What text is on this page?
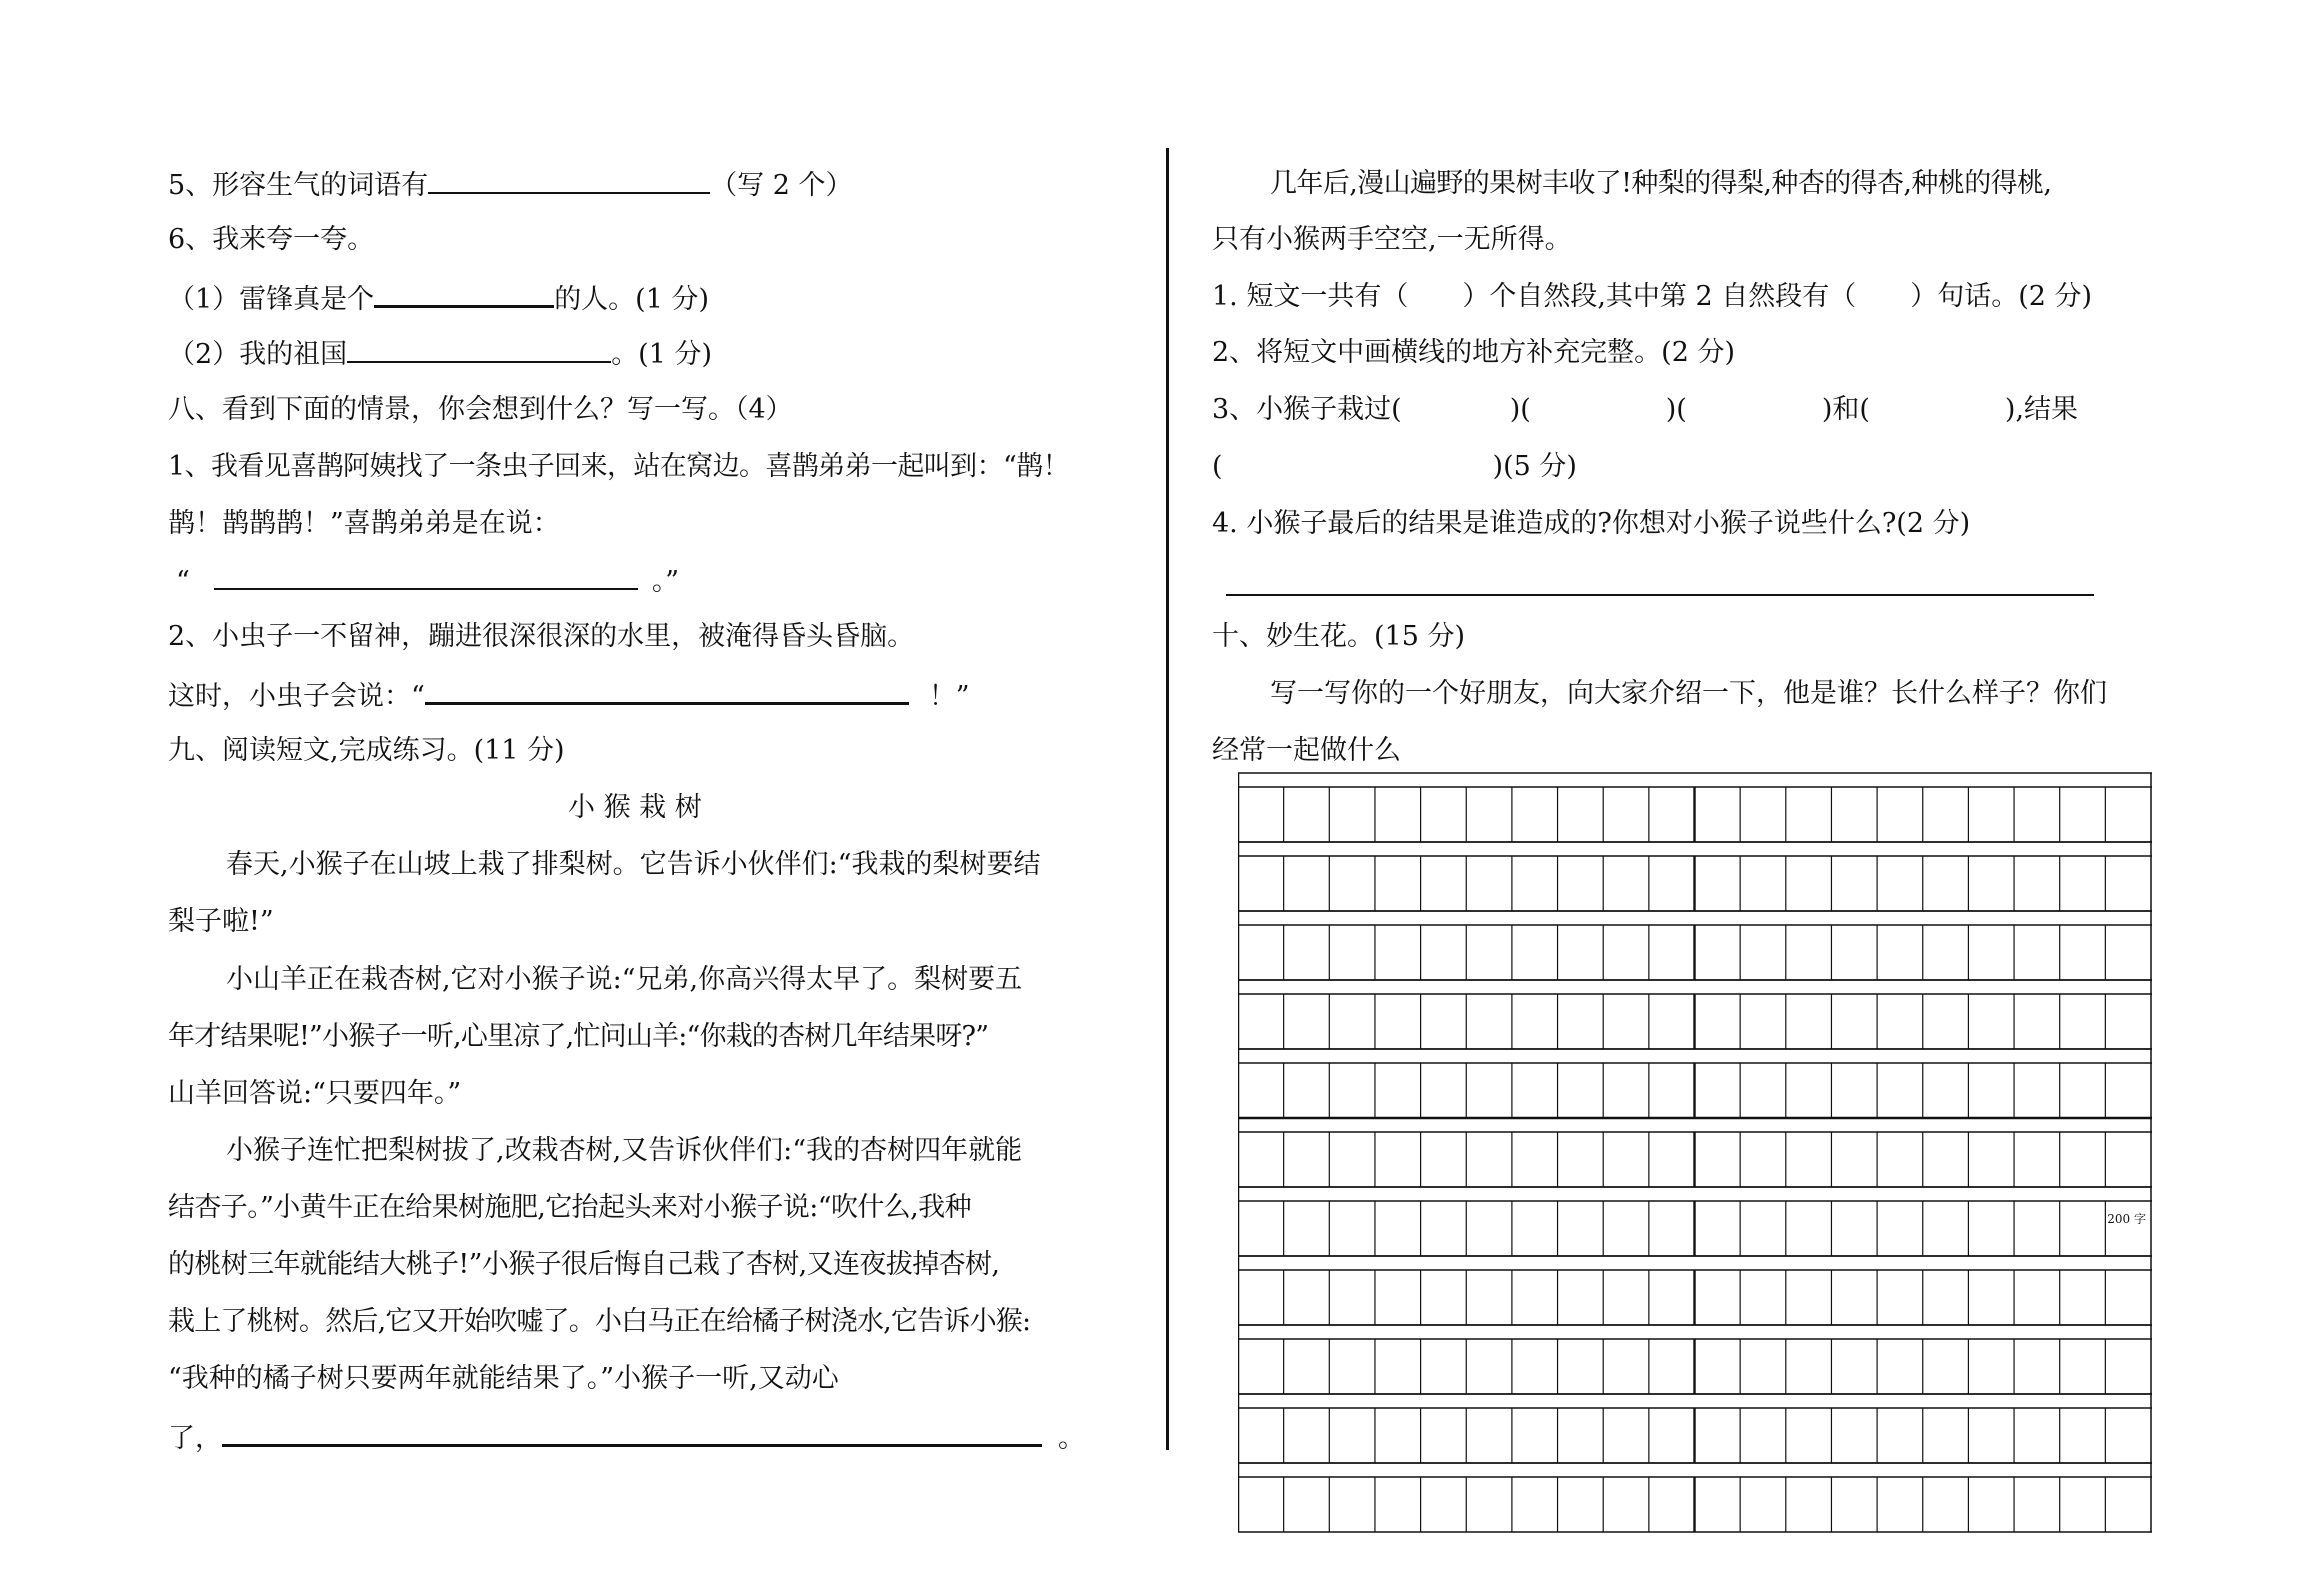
5、形容生气的词语有	（写 2 个）
6、我来夸一夸。
（1）雷锋真是个	的人。(1 分)
（2）我的祖国	。(1 分)
八、看到下面的情景，你会想到什么？写一写。（4）
1、我看见喜鹊阿姨找了一条虫子回来，站在窝边。喜鹊弟弟一起叫到：“鹊！
鹊！鹊鹊鹊！”喜鹊弟弟是在说：
“	。”
2、小虫子一不留神，蹦进很深很深的水里，被淹得昏头昏脑。
这时，小虫子会说：“	！”
九、阅读短文,完成练习。(11 分)
小 猴 栽 树
春天,小猴子在山坡上栽了排梨树。它告诉小伙伴们:“我栽的梨树要结
梨子啦!”
小山羊正在栽杏树,它对小猴子说:“兄弟,你高兴得太早了。梨树要五
年才结果呢!”小猴子一听,心里凉了,忙问山羊:“你栽的杏树几年结果呀?”
山羊回答说:“只要四年。”
小猴子连忙把梨树拔了,改栽杏树,又告诉伙伴们:“我的杏树四年就能
结杏子。”小黄牛正在给果树施肥,它抬起头来对小猴子说:“吹什么,我种
的桃树三年就能结大桃子!”小猴子很后悔自己栽了杏树,又连夜拔掉杏树,
栽上了桃树。然后,它又开始吹嘘了。小白马正在给橘子树浇水,它告诉小猴:
“我种的橘子树只要两年就能结果了。”小猴子一听,又动心
了，	。
几年后,漫山遍野的果树丰收了!种梨的得梨,种杏的得杏,种桃的得桃,
只有小猴两手空空,一无所得。
1. 短文一共有（　　）个自然段,其中第 2 自然段有（　　）句话。(2 分)
2、将短文中画横线的地方补充完整。(2 分)
3、小猴子栽过(　　　　)(　　　　　)(　　　　　)和(　　　　　),结果
(　　　　　　　　　　)(5 分)
4. 小猴子最后的结果是谁造成的?你想对小猴子说些什么?(2 分)
十、妙生花。(15 分)
写一写你的一个好朋友，向大家介绍一下，他是谁？长什么样子？你们
经常一起做什么
200 字
